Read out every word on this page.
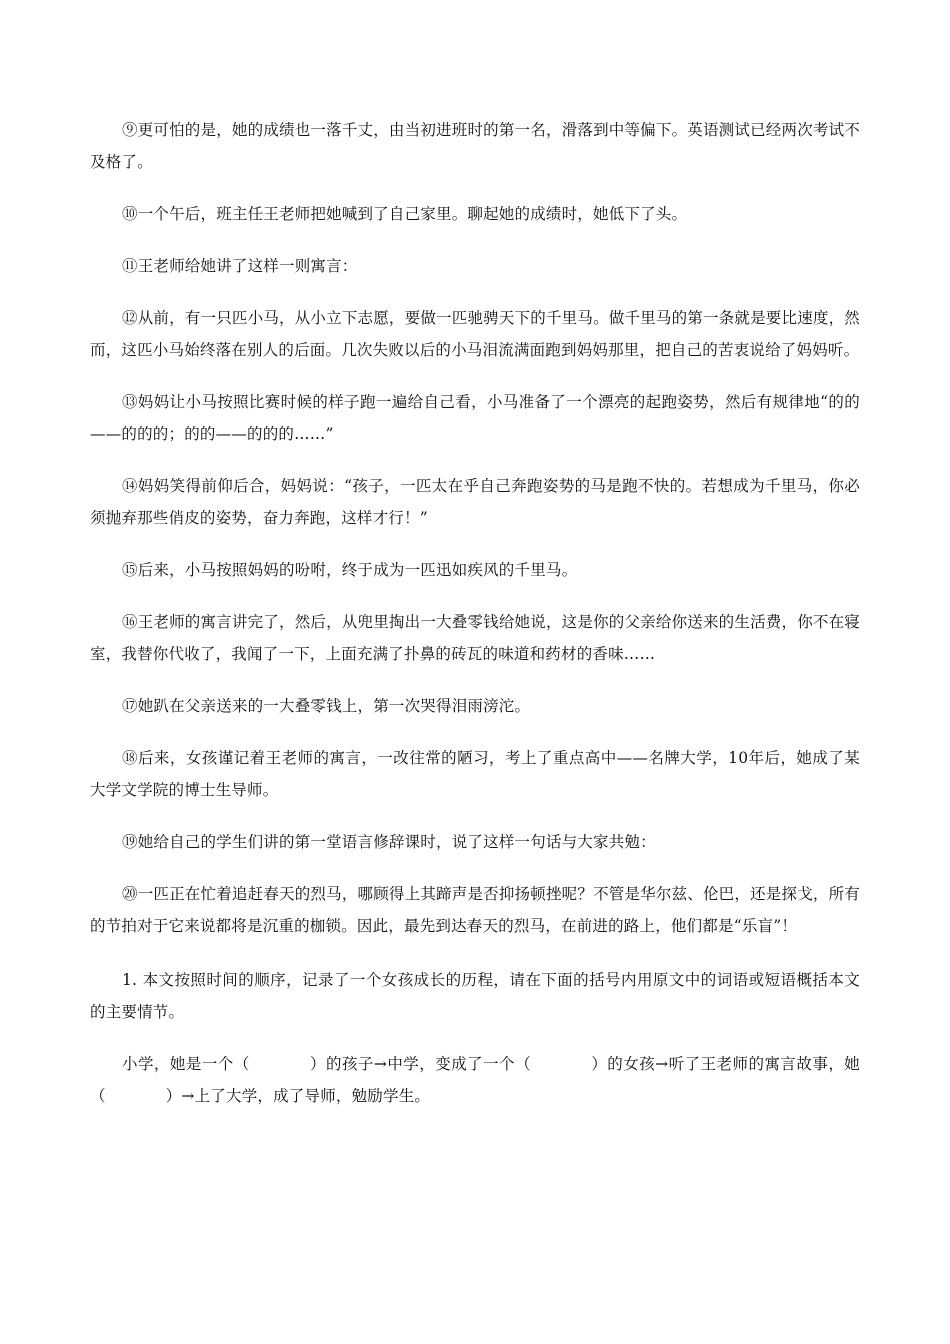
⑨更可怕的是，她的成绩也一落千丈，由当初进班时的第一名，滑落到中等偏下。英语测试已经两次考试不及格了。

⑩一个午后，班主任王老师把她喊到了自己家里。聊起她的成绩时，她低下了头。

⑪王老师给她讲了这样一则寓言：

⑫从前，有一只匹小马，从小立下志愿，要做一匹驰骋天下的千里马。做千里马的第一条就是要比速度，然而，这匹小马始终落在别人的后面。几次失败以后的小马泪流满面跑到妈妈那里，把自己的苦衷说给了妈妈听。

⑬妈妈让小马按照比赛时候的样子跑一遍给自己看，小马准备了一个漂亮的起跑姿势，然后有规律地“的的——的的的；的的——的的的……”

⑭妈妈笑得前仰后合，妈妈说：“孩子，一匹太在乎自己奔跑姿势的马是跑不快的。若想成为千里马，你必须抛弃那些俏皮的姿势，奋力奔跑，这样才行！”

⑮后来，小马按照妈妈的吩咐，终于成为一匹迅如疾风的千里马。

⑯王老师的寓言讲完了，然后，从兜里掏出一大叠零钱给她说，这是你的父亲给你送来的生活费，你不在寝室，我替你代收了，我闻了一下，上面充满了扑鼻的砖瓦的味道和药材的香味……

⑰她趴在父亲送来的一大叠零钱上，第一次哭得泪雨滂沱。

⑱后来，女孩谨记着王老师的寓言，一改往常的陋习，考上了重点高中——名牌大学，10年后，她成了某大学文学院的博士生导师。

⑲她给自己的学生们讲的第一堂语言修辞课时，说了这样一句话与大家共勉：

⑳一匹正在忙着追赶春天的烈马，哪顾得上其蹄声是否抑扬顿挫呢？不管是华尔兹、伦巴，还是探戈，所有的节拍对于它来说都将是沉重的枷锁。因此，最先到达春天的烈马，在前进的路上，他们都是“乐盲”！

1. 本文按照时间的顺序，记录了一个女孩成长的历程，请在下面的括号内用原文中的词语或短语概括本文的主要情节。

小学，她是一个（	）的孩子→中学，变成了一个（	）的女孩→听了王老师的寓言故事，她（	）→上了大学，成了导师，勉励学生。
